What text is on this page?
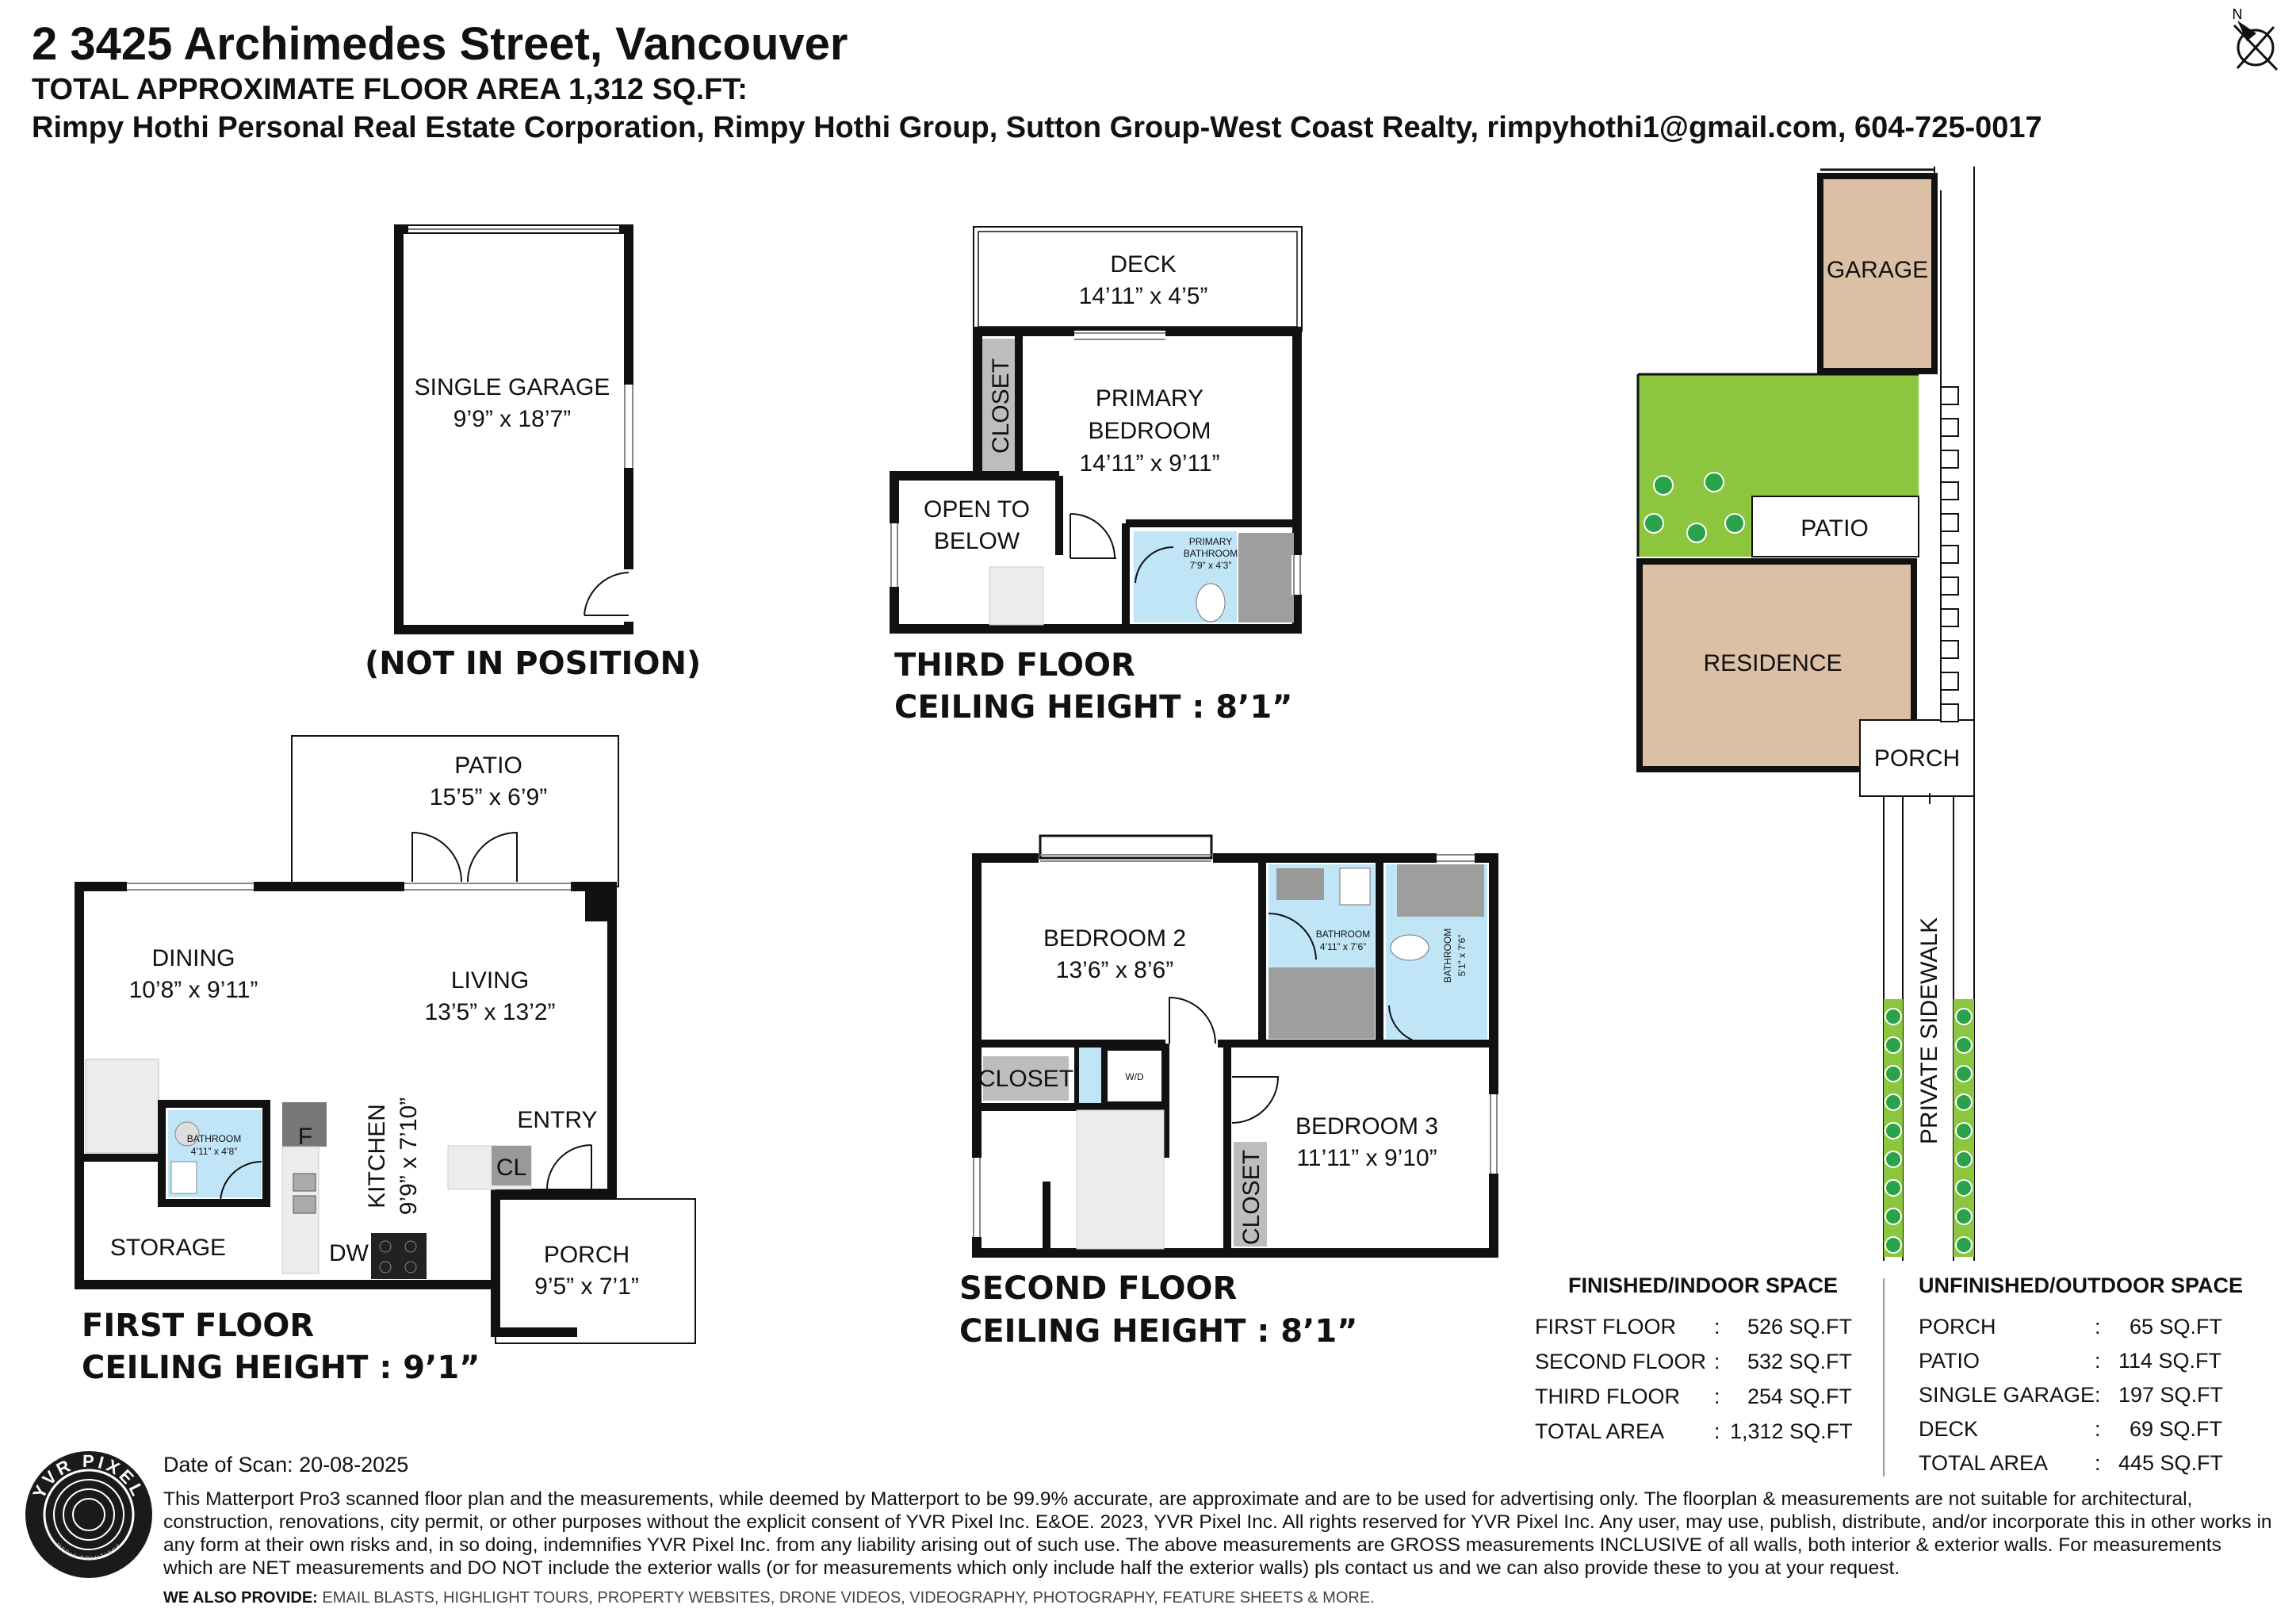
2 3425 Archimedes Street, Vancouver
TOTAL APPROXIMATE FLOOR AREA 1,312 SQ.FT:
Rimpy Hothi Personal Real Estate Corporation, Rimpy Hothi Group, Sutton Group-West Coast Realty, rimpyhothi1@gmail.com, 604-725-0017
N
SINGLE GARAGE
9’9” x 18’7”
(NOT IN POSITION)
DECK
14’11” x 4’5”
CLOSET	PRIMARY
BEDROOM
14’11” x 9’11”
OPEN TO
BELOW	PRIMARY
BATHROOM
7’9” x 4’3”
THIRD FLOOR
CEILING HEIGHT : 8’1”
PATIO
15’5” x 6’9”
DINING
10’8” x 9’11”	LIVING
13’5” x 13’2”
KITCHEN 9’9” x 7’10”
F
DW
CL
ENTRY
BATHROOM
4’11” x 4’8”
STORAGE	PORCH
9’5” x 7’1”
FIRST FLOOR
CEILING HEIGHT : 9’1”
BEDROOM 2
13’6” x 8’6”
BATHROOM
4’11” x 7’6”	BATHROOM 5’1” x 7’6”
CLOSET	W/D
BEDROOM 3
11’11” x 9’10”
CLOSET
SECOND FLOOR
CEILING HEIGHT : 8’1”
GARAGE
PATIO
RESIDENCE
PORCH
PRIVATE SIDEWALK
YVR PIXEL
MEDIA SOLUTIONS
FINISHED/INDOOR SPACE
FIRST FLOOR : 526 SQ.FT
SECOND FLOOR : 532 SQ.FT
THIRD FLOOR : 254 SQ.FT
TOTAL AREA : 1,312 SQ.FT
UNFINISHED/OUTDOOR SPACE
PORCH	: 65 SQ.FT
PATIO	: 114 SQ.FT
SINGLE GARAGE : 197 SQ.FT
DECK	: 69 SQ.FT
TOTAL AREA : 445 SQ.FT
Date of Scan: 20-08-2025
This Matterport Pro3 scanned floor plan and the measurements, while deemed by Matterport to be 99.9% accurate, are approximate and are to be used for advertising only. The floorplan & measurements are not suitable for architectural, construction, renovations, city permit, or other purposes without the explicit consent of YVR Pixel Inc. E&OE. 2023, YVR Pixel Inc. All rights reserved for YVR Pixel Inc. Any user, may use, publish, distribute, and/or incorporate this in other works in any form at their own risks and, in so doing, indemnifies YVR Pixel Inc. from any liability arising out of such use. The above measurements are GROSS measurements INCLUSIVE of all walls, both interior & exterior walls. For measurements which are NET measurements and DO NOT include the exterior walls (or for measurements which only include half the exterior walls) pls contact us and we can also provide these to you at your request.
WE ALSO PROVIDE: EMAIL BLASTS, HIGHLIGHT TOURS, PROPERTY WEBSITES, DRONE VIDEOS, VIDEOGRAPHY, PHOTOGRAPHY, FEATURE SHEETS & MORE.
